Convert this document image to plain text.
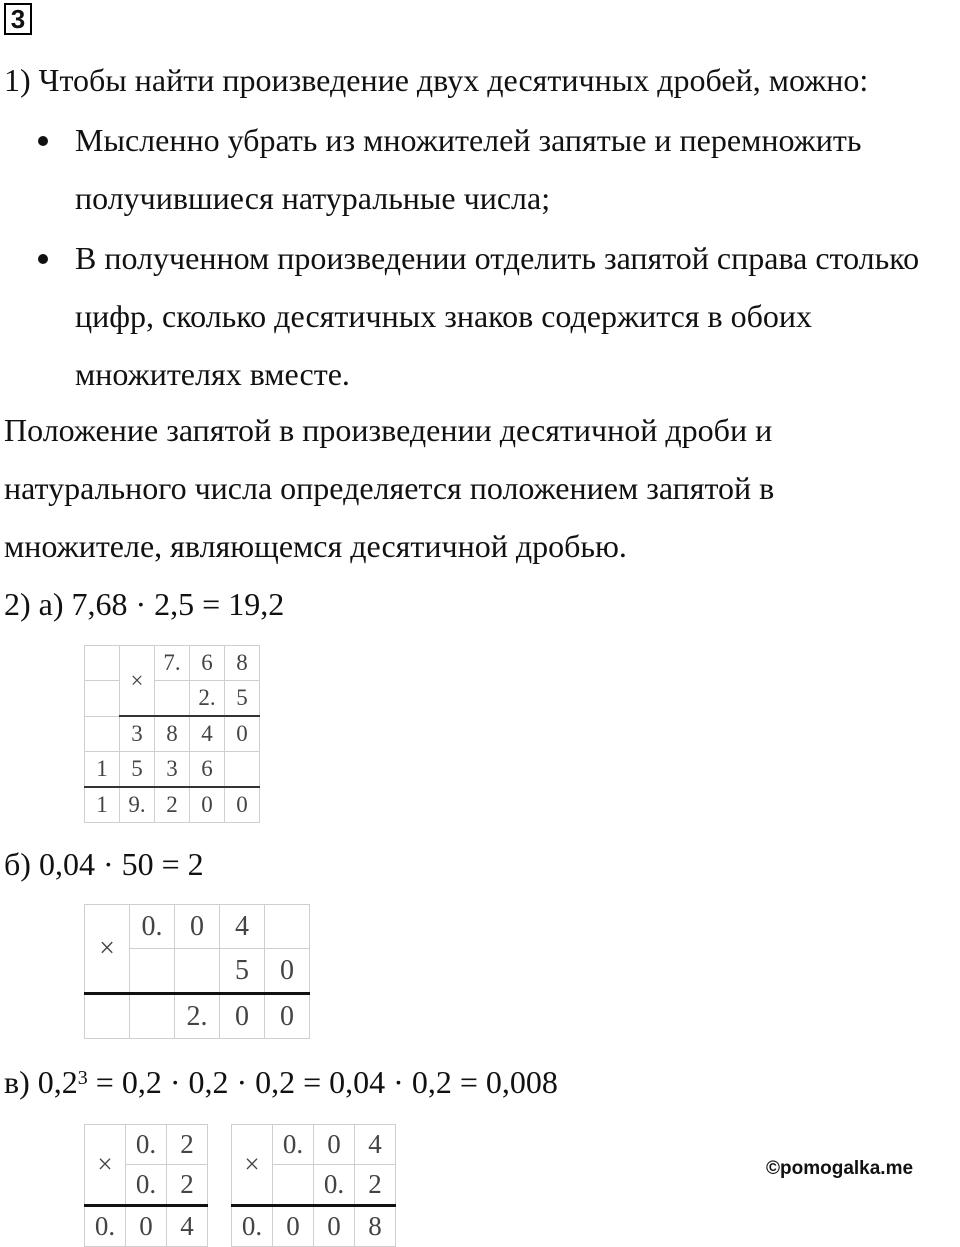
3
1) Чтобы найти произведение двух десятичных дробей, можно:
Мысленно убрать из множителей запятые и перемножить
получившиеся натуральные числа;
В полученном произведении отделить запятой справа столько
цифр, сколько десятичных знаков содержится в обоих
множителях вместе.
Положение запятой в произведении десятичной дроби и
натурального числа определяется положением запятой в
множителе, являющемся десятичной дробью.
2) а) 7,68 · 2,5 = 19,2
	×	7.	6	8
			2.	5
	3	8	4	0
1	5	3	6	
1	9.	2	0	0
б) 0,04 · 50 = 2
×	0.	0	4	
			5	0
		2.	0	0
в) $0,2^3 = 0,2 \cdot 0,2 \cdot 0,2 = 0,04 \cdot 0,2 = 0,008$
×	0.	2
	0.	2
0.	0	4
×	0.	0	4
		0.	2
0.	0	0	8
©pomogalka.me
